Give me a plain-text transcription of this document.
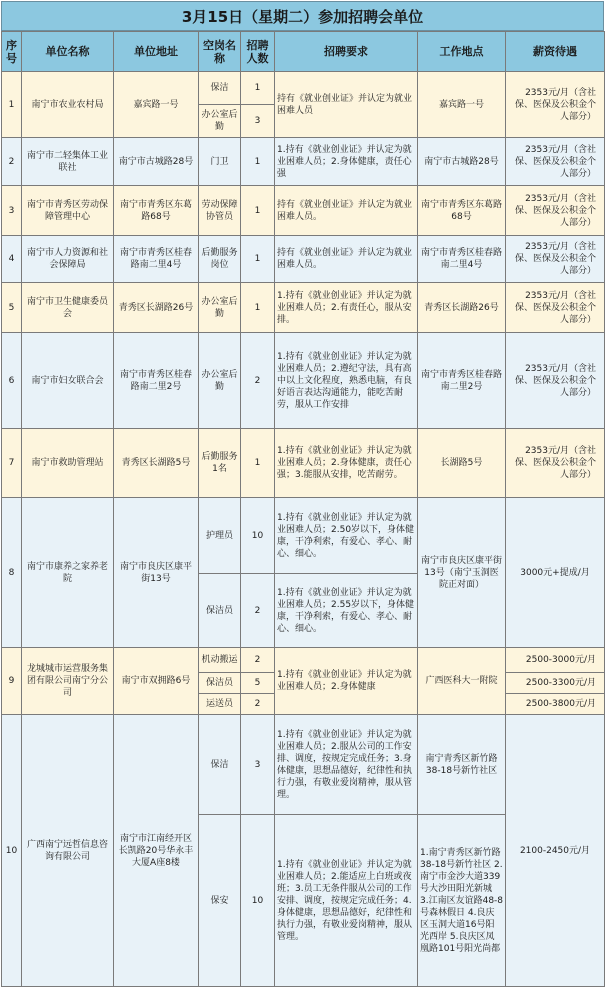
3月15日（星期二）参加招聘会单位
序号	单位名称	单位地址	空岗名称	招聘人数	招聘要求	工作地点	薪资待遇
1	南宁市农业农村局	嘉宾路一号	保洁	1	持有《就业创业证》并认定为就业困难人员	嘉宾路一号	2353元/月（含社保、医保及公积金个人部分）
			办公室后勤	3			
2	南宁市二轻集体工业联社	南宁市古城路28号	门卫	1	1.持有《就业创业证》并认定为就业困难人员；2.身体健康，责任心强	南宁市古城路28号	2353元/月（含社保、医保及公积金个人部分）
3	南宁市青秀区劳动保障管理中心	南宁市青秀区东葛路68号	劳动保障协管员	1	持有《就业创业证》并认定为就业困难人员。	南宁市青秀区东葛路68号	2353元/月（含社保、医保及公积金个人部分）
4	南宁市人力资源和社会保障局	南宁市青秀区桂春路南二里4号	后勤服务岗位	1	持有《就业创业证》并认定为就业困难人员。	南宁市青秀区桂春路南二里4号	2353元/月（含社保、医保及公积金个人部分）
5	南宁市卫生健康委员会	青秀区长湖路26号	办公室后勤	1	1.持有《就业创业证》并认定为就业困难人员；2.有责任心，服从安排。	青秀区长湖路26号	2353元/月（含社保、医保及公积金个人部分）
6	南宁市妇女联合会	南宁市青秀区桂春路南二里2号	办公室后勤	2	1.持有《就业创业证》并认定为就业困难人员；2.遵纪守法，具有高中以上文化程度，熟悉电脑，有良好语言表达沟通能力，能吃苦耐劳，服从工作安排	南宁市青秀区桂春路南二里2号	2353元/月（含社保、医保及公积金个人部分）
7	南宁市救助管理站	青秀区长湖路5号	后勤服务1名	1	1.持有《就业创业证》并认定为就业困难人员；2.身体健康，责任心强；3.能服从安排，吃苦耐劳。	长湖路5号	2353元/月（含社保、医保及公积金个人部分）
8	南宁市康养之家养老院	南宁市良庆区康平街13号	护理员	10	1.持有《就业创业证》并认定为就业困难人员；2.50岁以下，身体健康，干净利索，有爱心、孝心、耐心、细心。	南宁市良庆区康平街13号（南宁玉洞医院正对面）	3000元+提成/月
			保洁员	2	1.持有《就业创业证》并认定为就业困难人员；2.55岁以下，身体健康，干净利索，有爱心、孝心、耐心、细心。		
9	龙城城市运营服务集团有限公司南宁分公司	南宁市双拥路6号	机动搬运	2	1.持有《就业创业证》并认定为就业困难人员；2.身体健康	广西医科大一附院	2500-3000元/月
			保洁员	5			2500-3300元/月
			运送员	2			2500-3800元/月
10	广西南宁远哲信息咨询有限公司	南宁市江南经开区长凯路20号华永丰大厦A座8楼	保洁	3	1.持有《就业创业证》并认定为就业困难人员；2.服从公司的工作安排、调度，按规定完成任务；3.身体健康，思想品德好，纪律性和执行力强，有敬业爱岗精神，服从管理。	南宁青秀区新竹路38-18号新竹社区	2100-2450元/月
			保安	10	1.持有《就业创业证》并认定为就业困难人员；2.能适应上白班或夜班；3.员工无条件服从公司的工作安排、调度，按规定完成任务；4.身体健康，思想品德好，纪律性和执行力强，有敬业爱岗精神，服从管理。	1.南宁青秀区新竹路38-18号新竹社区 2.南宁市金沙大道339号大沙田阳光新城 3.江南区友谊路48-8号森林假日 4.良庆区玉洞大道16号阳光西岸 5.良庆区凤凰路101号阳光尚都	
